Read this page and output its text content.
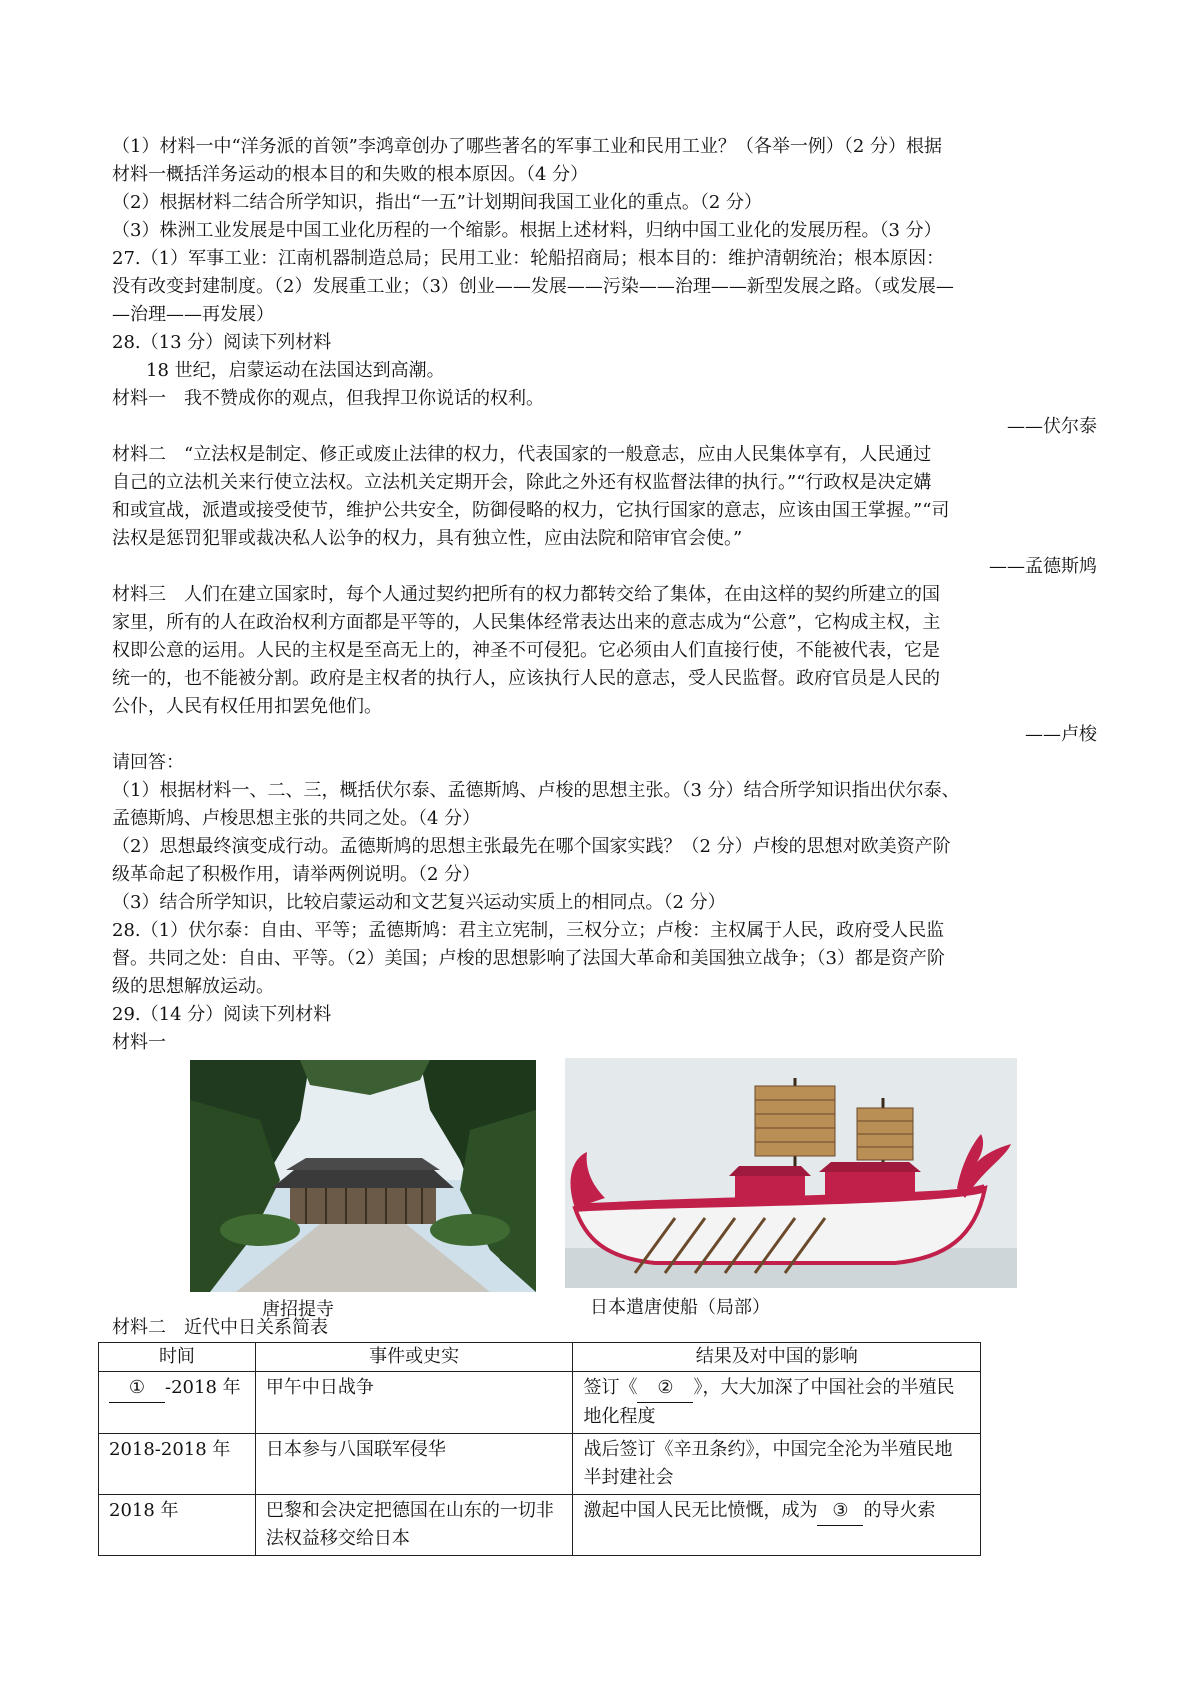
（1）材料一中“洋务派的首领”李鸿章创办了哪些著名的军事工业和民用工业？（各举一例）（2 分）根据
材料一概括洋务运动的根本目的和失败的根本原因。（4 分）
（2）根据材料二结合所学知识，指出“一五”计划期间我国工业化的重点。（2 分）
（3）株洲工业发展是中国工业化历程的一个缩影。根据上述材料，归纳中国工业化的发展历程。（3 分）
27.（1）军事工业：江南机器制造总局；民用工业：轮船招商局；根本目的：维护清朝统治；根本原因：
没有改变封建制度。（2）发展重工业；（3）创业——发展——污染——治理——新型发展之路。（或发展—
—治理——再发展）
28.（13 分）阅读下列材料
18 世纪，启蒙运动在法国达到高潮。
材料一　我不赞成你的观点，但我捍卫你说话的权利。
——伏尔泰
材料二　“立法权是制定、修正或废止法律的权力，代表国家的一般意志，应由人民集体享有，人民通过
自己的立法机关来行使立法权。立法机关定期开会，除此之外还有权监督法律的执行。”“行政权是决定媾
和或宣战，派遣或接受使节，维护公共安全，防御侵略的权力，它执行国家的意志，应该由国王掌握。”“司
法权是惩罚犯罪或裁决私人讼争的权力，具有独立性，应由法院和陪审官会使。”
——孟德斯鸠
材料三　人们在建立国家时，每个人通过契约把所有的权力都转交给了集体，在由这样的契约所建立的国
家里，所有的人在政治权利方面都是平等的，人民集体经常表达出来的意志成为“公意”，它构成主权，主
权即公意的运用。人民的主权是至高无上的，神圣不可侵犯。它必须由人们直接行使，不能被代表，它是
统一的，也不能被分割。政府是主权者的执行人，应该执行人民的意志，受人民监督。政府官员是人民的
公仆，人民有权任用扣罢免他们。
——卢梭
请回答：
（1）根据材料一、二、三，概括伏尔泰、孟德斯鸠、卢梭的思想主张。（3 分）结合所学知识指出伏尔泰、
孟德斯鸠、卢梭思想主张的共同之处。（4 分）
（2）思想最终演变成行动。孟德斯鸠的思想主张最先在哪个国家实践？（2 分）卢梭的思想对欧美资产阶
级革命起了积极作用，请举两例说明。（2 分）
（3）结合所学知识，比较启蒙运动和文艺复兴运动实质上的相同点。（2 分）
28.（1）伏尔泰：自由、平等；孟德斯鸠：君主立宪制，三权分立；卢梭：主权属于人民，政府受人民监
督。共同之处：自由、平等。（2）美国；卢梭的思想影响了法国大革命和美国独立战争；（3）都是资产阶
级的思想解放运动。
29.（14 分）阅读下列材料
材料一
唐招提寺	日本遣唐使船（局部）
材料二　近代中日关系简表
时间	事件或史实	结果及对中国的影响
① -2018 年	甲午中日战争	签订《 ② 》，大大加深了中国社会的半殖民地化程度
2018-2018 年	日本参与八国联军侵华	战后签订《辛丑条约》，中国完全沦为半殖民地半封建社会
2018 年	巴黎和会决定把德国在山东的一切非法权益移交给日本	激起中国人民无比愤慨，成为 ③ 的导火索
